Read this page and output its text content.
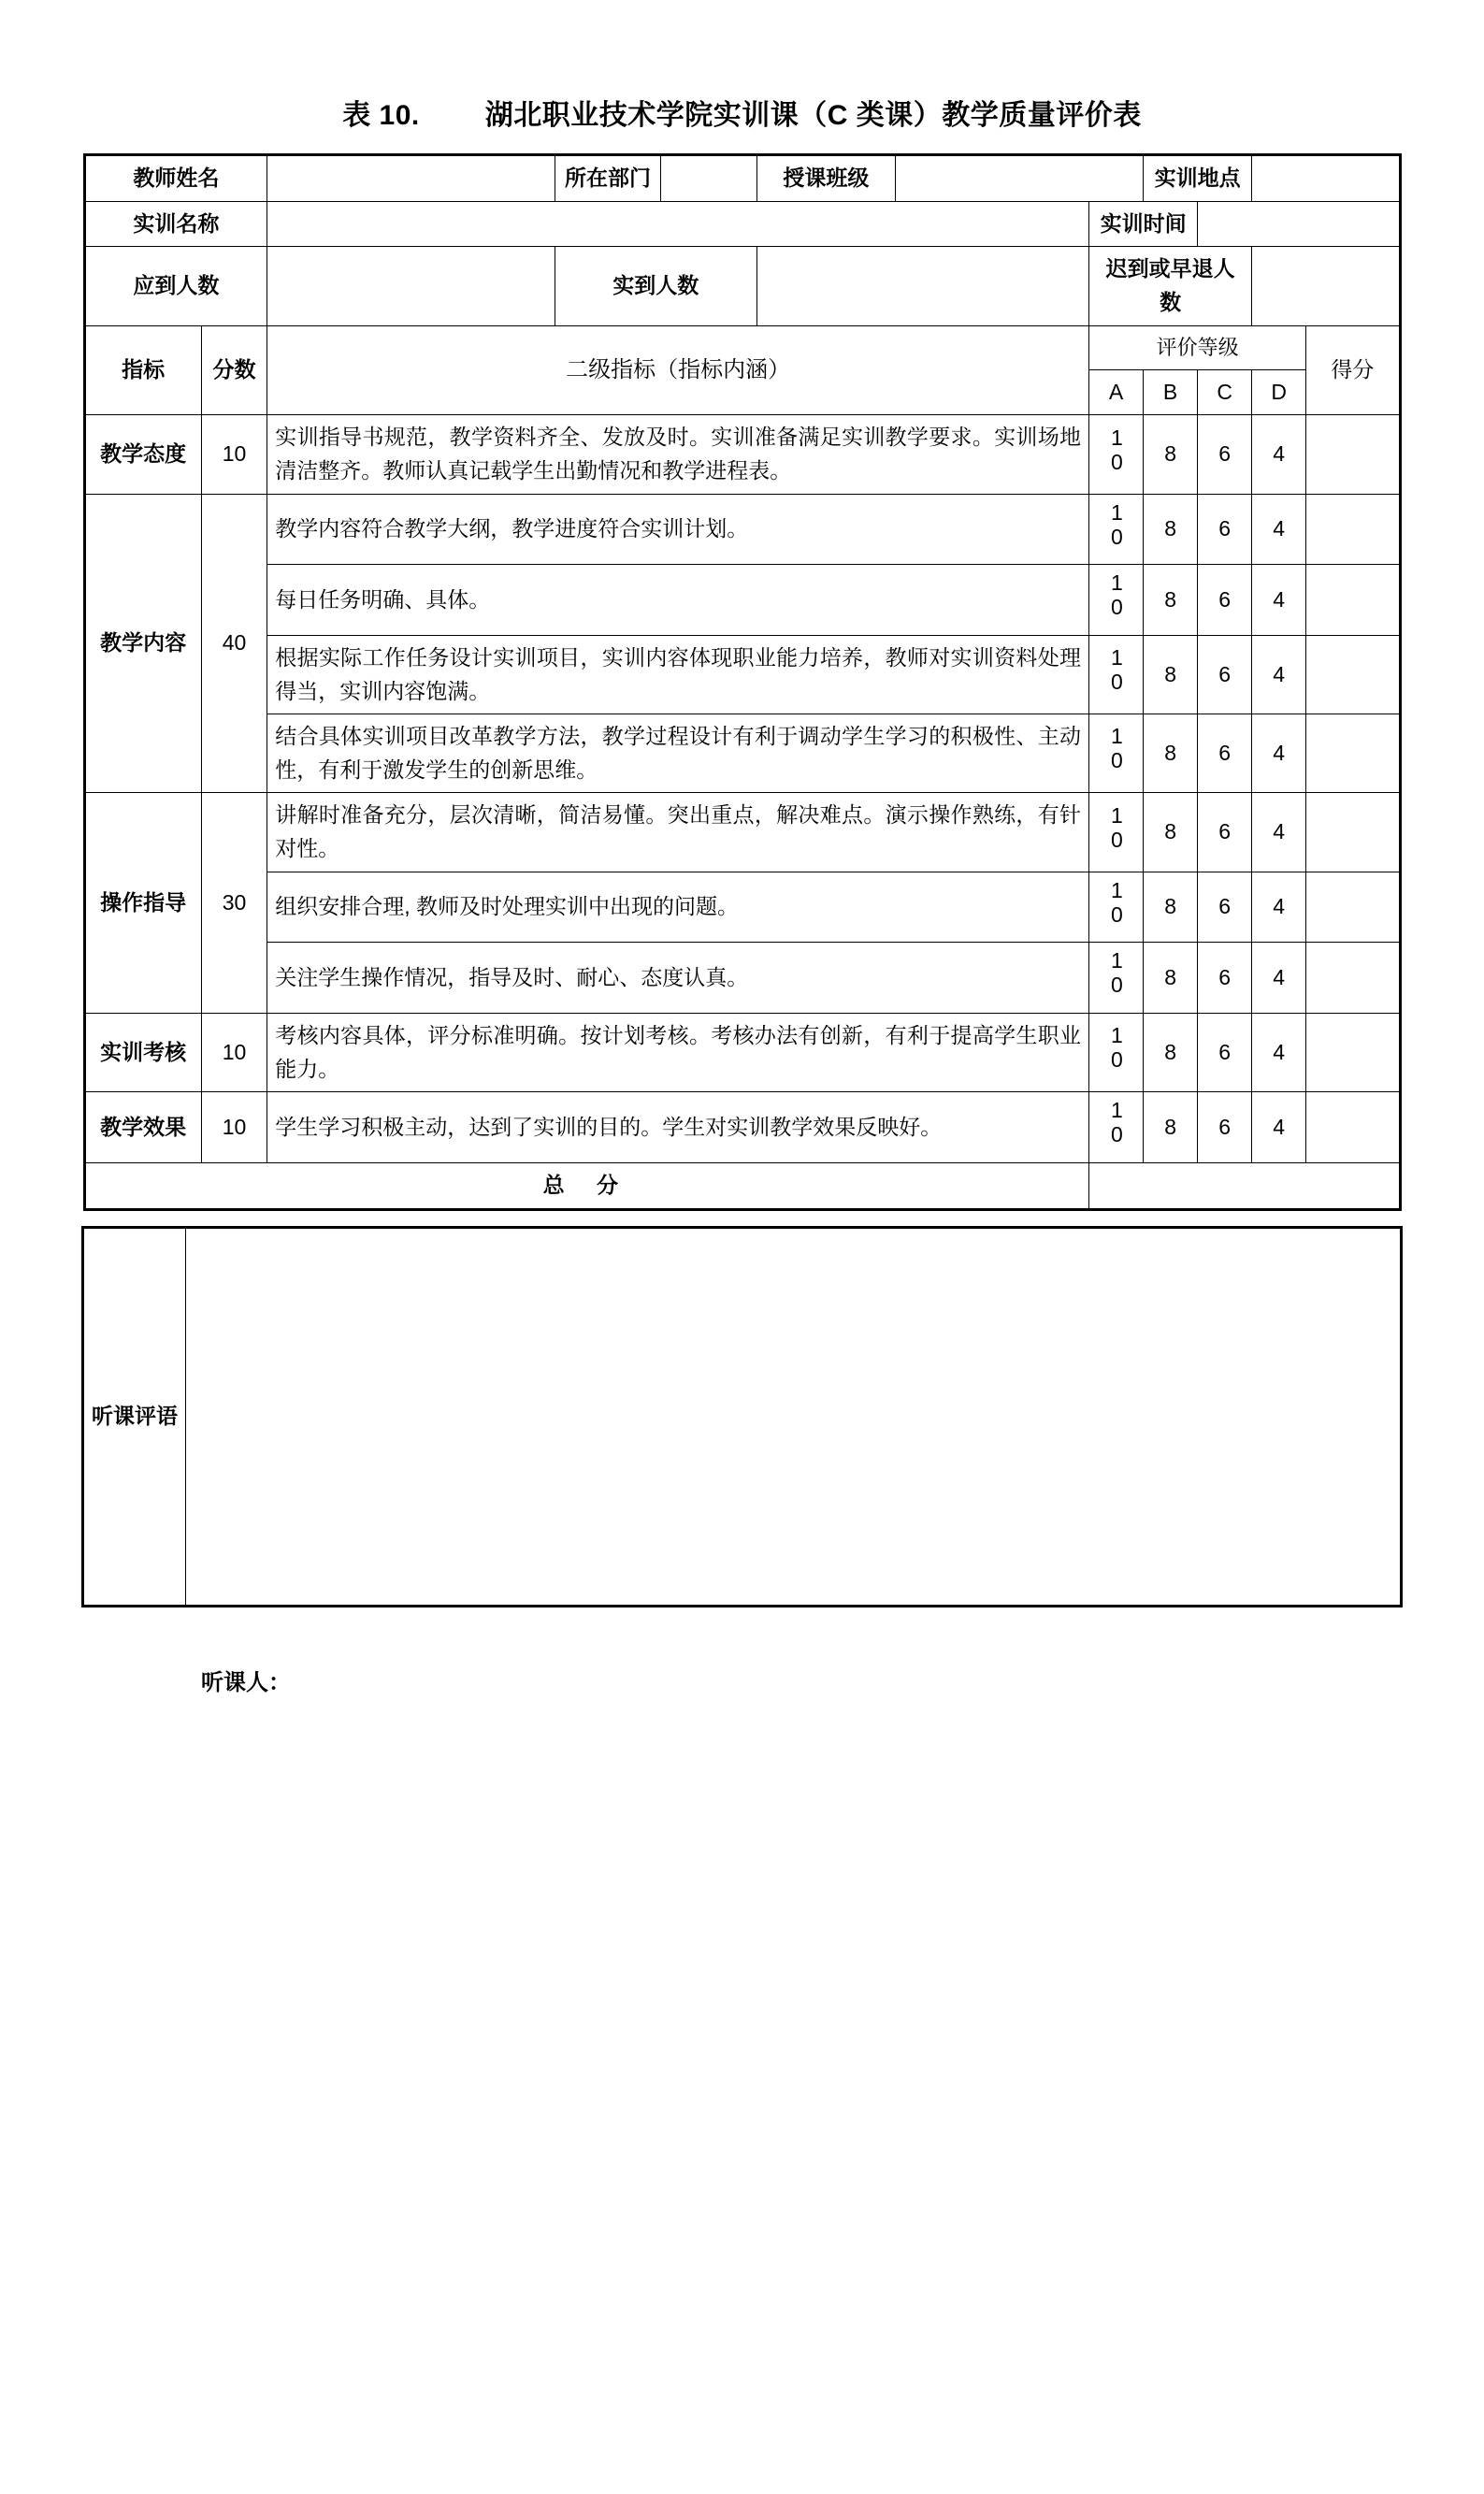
表 10. 湖北职业技术学院实训课（C 类课）教学质量评价表
教师姓名			所在部门		授课班级			实训地点			
实训名称							实训时间				
应到人数			实到人数				迟到或早退人数				
指标	分数	二级指标（指标内涵）					评价等级				得分
							A	B	C	D	
教学态度	10	实训指导书规范，教学资料齐全、发放及时。实训准备满足实训教学要求。实训场地清洁整齐。教师认真记载学生出勤情况和教学进程表。					10	8	6	4	
教学内容	40	教学内容符合教学大纲，教学进度符合实训计划。					10	8	6	4	
		每日任务明确、具体。					10	8	6	4	
		根据实际工作任务设计实训项目，实训内容体现职业能力培养，教师对实训资料处理得当，实训内容饱满。					10	8	6	4	
		结合具体实训项目改革教学方法，教学过程设计有利于调动学生学习的积极性、主动性，有利于激发学生的创新思维。					10	8	6	4	
操作指导	30	讲解时准备充分，层次清晰，简洁易懂。突出重点，解决难点。演示操作熟练，有针对性。					10	8	6	4	
		组织安排合理, 教师及时处理实训中出现的问题。					10	8	6	4	
		关注学生操作情况，指导及时、耐心、态度认真。					10	8	6	4	
实训考核	10	考核内容具体，评分标准明确。按计划考核。考核办法有创新，有利于提高学生职业能力。					10	8	6	4	
教学效果	10	学生学习积极主动，达到了实训的目的。学生对实训教学效果反映好。					10	8	6	4	
总 分											
听课评语	
听课人：
